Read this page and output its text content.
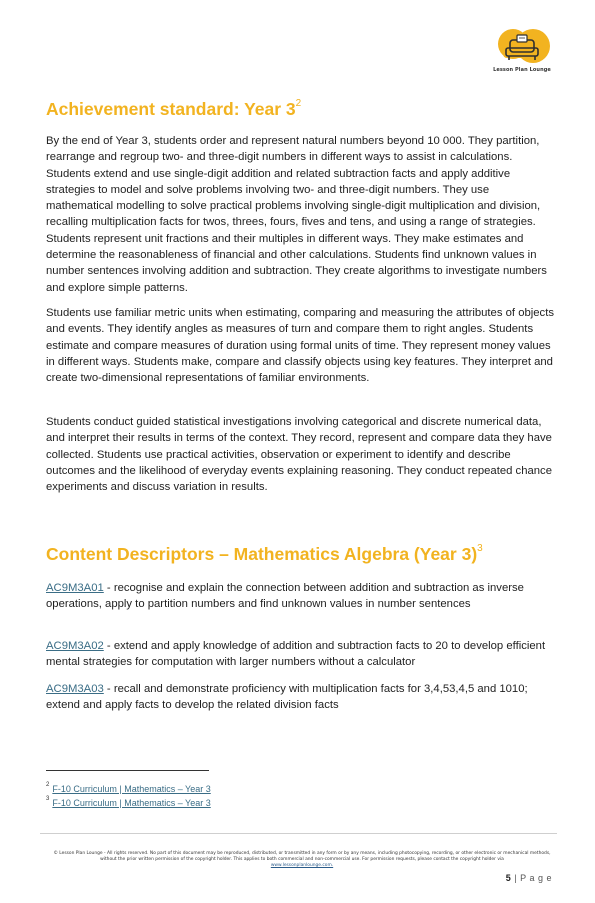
Lesson Plan Lounge
Achievement standard: Year $3^2$

By the end of Year 3, students order and represent natural numbers beyond 10 000. They partition, rearrange and regroup two- and three-digit numbers in different ways to assist in calculations. Students extend and use single-digit addition and related subtraction facts and apply additive strategies to model and solve problems involving two- and three-digit numbers. They use mathematical modelling to solve practical problems involving single-digit multiplication and division, recalling multiplication facts for twos, threes, fours, fives and tens, and using a range of strategies. Students represent unit fractions and their multiples in different ways. They make estimates and determine the reasonableness of financial and other calculations. Students find unknown values in number sentences involving addition and subtraction. They create algorithms to investigate numbers and explore simple patterns.

Students use familiar metric units when estimating, comparing and measuring the attributes of objects and events. They identify angles as measures of turn and compare them to right angles. Students estimate and compare measures of duration using formal units of time. They represent money values in different ways. Students make, compare and classify objects using key features. They interpret and create two-dimensional representations of familiar environments.

Students conduct guided statistical investigations involving categorical and discrete numerical data, and interpret their results in terms of the context. They record, represent and compare data they have collected. Students use practical activities, observation or experiment to identify and describe outcomes and the likelihood of everyday events explaining reasoning. They conduct repeated chance experiments and discuss variation in results.

Content Descriptors – Mathematics Algebra (Year 3)$^3$

AC9M3A01 - recognise and explain the connection between addition and subtraction as inverse operations, apply to partition numbers and find unknown values in number sentences

AC9M3A02 - extend and apply knowledge of addition and subtraction facts to 20 to develop efficient mental strategies for computation with larger numbers without a calculator

AC9M3A03 - recall and demonstrate proficiency with multiplication facts for 3,4,53,4,5 and 1010; extend and apply facts to develop the related division facts

$^2$ F-10 Curriculum | Mathematics – Year 3
$^3$ F-10 Curriculum | Mathematics – Year 3
© Lesson Plan Lounge - All rights reserved. No part of this document may be reproduced, distributed, or transmitted in any form or by any means, including photocopying, recording, or other electronic or mechanical methods, without the prior written permission of the copyright holder. This applies to both commercial and non-commercial use. For permission requests, please contact the copyright holder via
www.lessonplanlounge.com.
5 | P a g e
